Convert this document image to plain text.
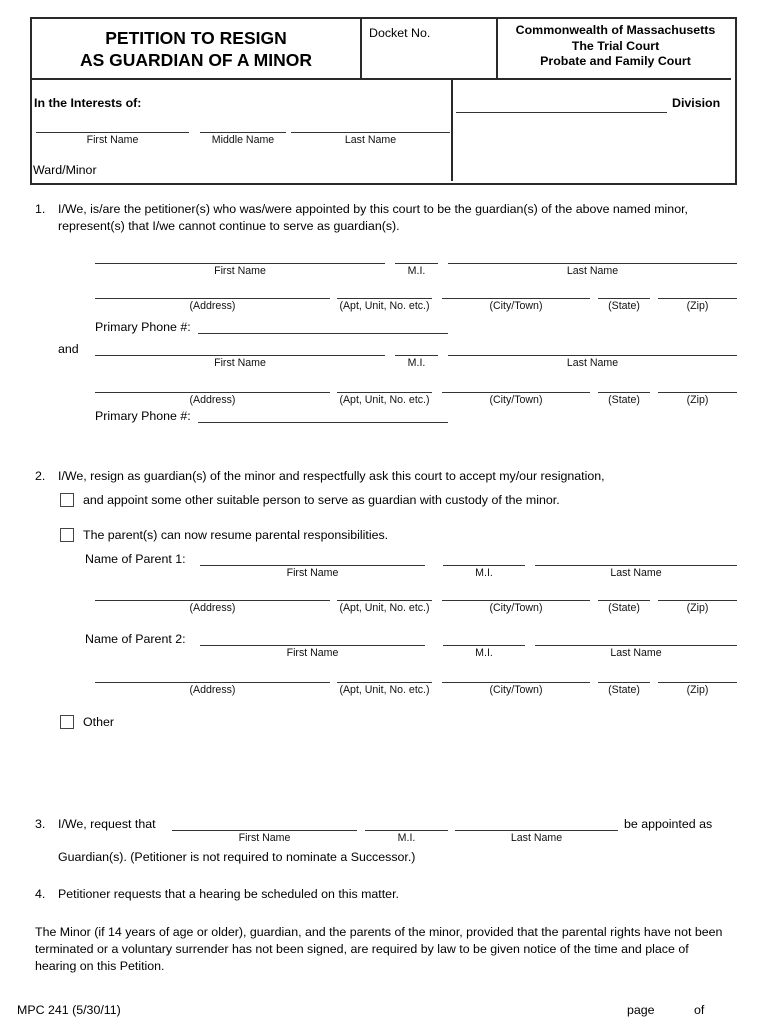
PETITION TO RESIGN
AS GUARDIAN OF A MINOR
Docket No.	Commonwealth of Massachusetts
The Trial Court
Probate and Family Court
In the Interests of:
First Name	Middle Name	Last Name
Ward/Minor
Division
1.	I/We, is/are the petitioner(s) who was/were appointed by this court to be the guardian(s) of the above named minor, represent(s) that I/we cannot continue to serve as guardian(s).
First Name	M.I.	Last Name
(Address)	(Apt, Unit, No. etc.)	(City/Town)	(State)	(Zip)
Primary Phone #:
and
First Name	M.I.	Last Name
(Address)	(Apt, Unit, No. etc.)	(City/Town)	(State)	(Zip)
Primary Phone #:
2.	I/We, resign as guardian(s) of the minor and respectfully ask this court to accept my/our resignation,
and appoint some other suitable person to serve as guardian with custody of the minor.
The parent(s) can now resume parental responsibilities.
Name of Parent 1:
First Name	M.I.	Last Name
(Address)	(Apt, Unit, No. etc.)	(City/Town)	(State)	(Zip)
Name of Parent 2:
First Name	M.I.	Last Name
(Address)	(Apt, Unit, No. etc.)	(City/Town)	(State)	(Zip)
Other
3. I/We, request that
First Name	M.I.	Last Name
be appointed as
Guardian(s). (Petitioner is not required to nominate a Successor.)
4.	Petitioner requests that a hearing be scheduled on this matter.
The Minor (if 14 years of age or older), guardian, and the parents of the minor, provided that the parental rights have not been terminated or a voluntary surrender has not been signed, are required by law to be given notice of the time and place of hearing on this Petition.
MPC 241 (5/30/11)	page	of
